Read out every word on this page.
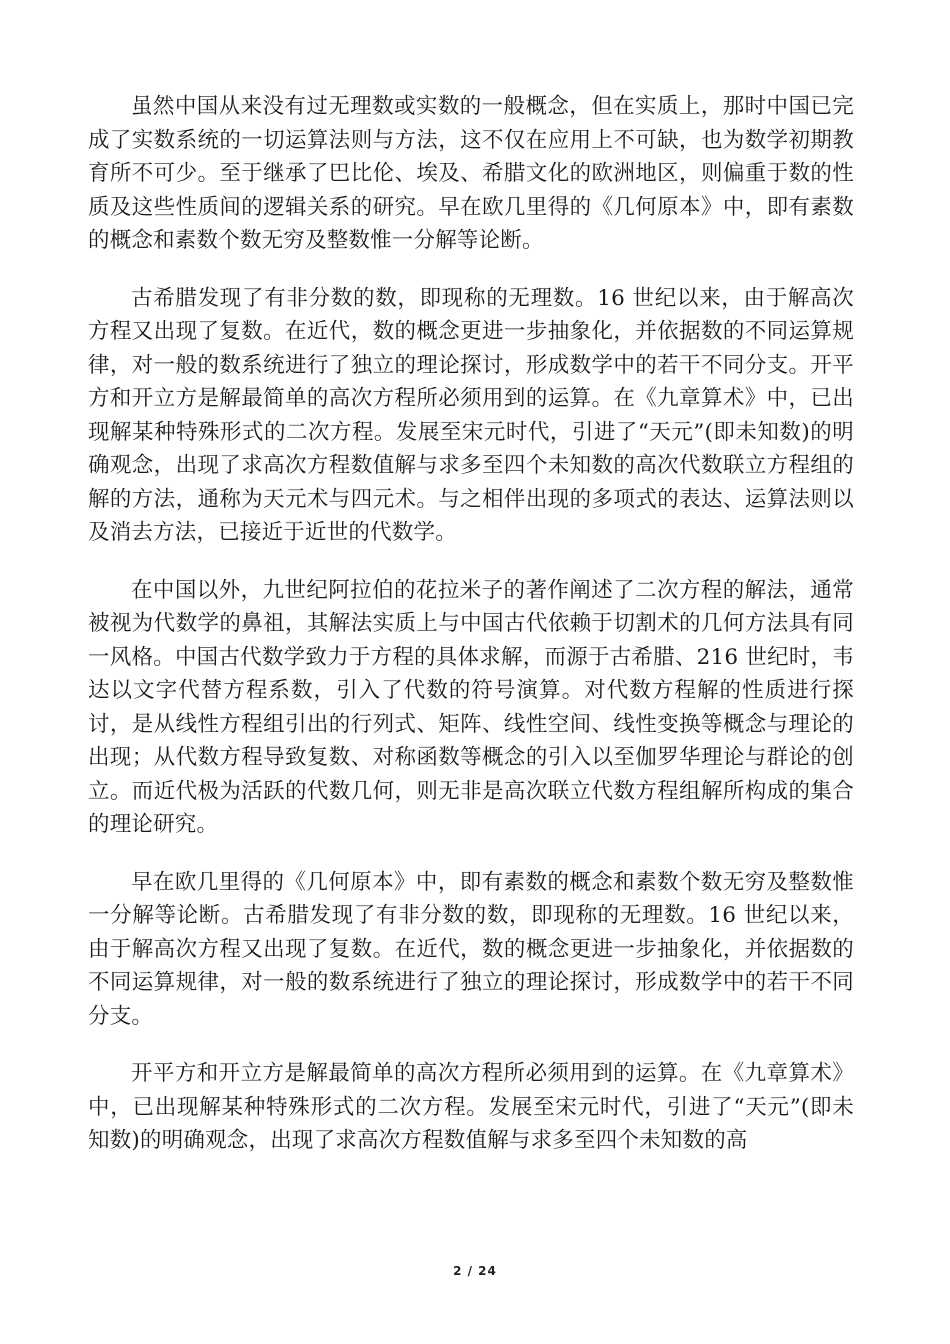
虽然中国从来没有过无理数或实数的一般概念，但在实质上，那时中国已完成了实数系统的一切运算法则与方法，这不仅在应用上不可缺，也为数学初期教育所不可少。至于继承了巴比伦、埃及、希腊文化的欧洲地区，则偏重于数的性质及这些性质间的逻辑关系的研究。早在欧几里得的《几何原本》中，即有素数的概念和素数个数无穷及整数惟一分解等论断。

古希腊发现了有非分数的数，即现称的无理数。16 世纪以来，由于解高次方程又出现了复数。在近代，数的概念更进一步抽象化，并依据数的不同运算规律，对一般的数系统进行了独立的理论探讨，形成数学中的若干不同分支。开平方和开立方是解最简单的高次方程所必须用到的运算。在《九章算术》中，已出现解某种特殊形式的二次方程。发展至宋元时代，引进了“天元”(即未知数)的明确观念，出现了求高次方程数值解与求多至四个未知数的高次代数联立方程组的解的方法，通称为天元术与四元术。与之相伴出现的多项式的表达、运算法则以及消去方法，已接近于近世的代数学。

在中国以外，九世纪阿拉伯的花拉米子的著作阐述了二次方程的解法，通常被视为代数学的鼻祖，其解法实质上与中国古代依赖于切割术的几何方法具有同一风格。中国古代数学致力于方程的具体求解，而源于古希腊、216 世纪时，韦达以文字代替方程系数，引入了代数的符号演算。对代数方程解的性质进行探讨，是从线性方程组引出的行列式、矩阵、线性空间、线性变换等概念与理论的出现；从代数方程导致复数、对称函数等概念的引入以至伽罗华理论与群论的创立。而近代极为活跃的代数几何，则无非是高次联立代数方程组解所构成的集合的理论研究。

早在欧几里得的《几何原本》中，即有素数的概念和素数个数无穷及整数惟一分解等论断。古希腊发现了有非分数的数，即现称的无理数。16 世纪以来，由于解高次方程又出现了复数。在近代，数的概念更进一步抽象化，并依据数的不同运算规律，对一般的数系统进行了独立的理论探讨，形成数学中的若干不同分支。

开平方和开立方是解最简单的高次方程所必须用到的运算。在《九章算术》中，已出现解某种特殊形式的二次方程。发展至宋元时代，引进了“天元”(即未知数)的明确观念，出现了求高次方程数值解与求多至四个未知数的高

2 / 24
